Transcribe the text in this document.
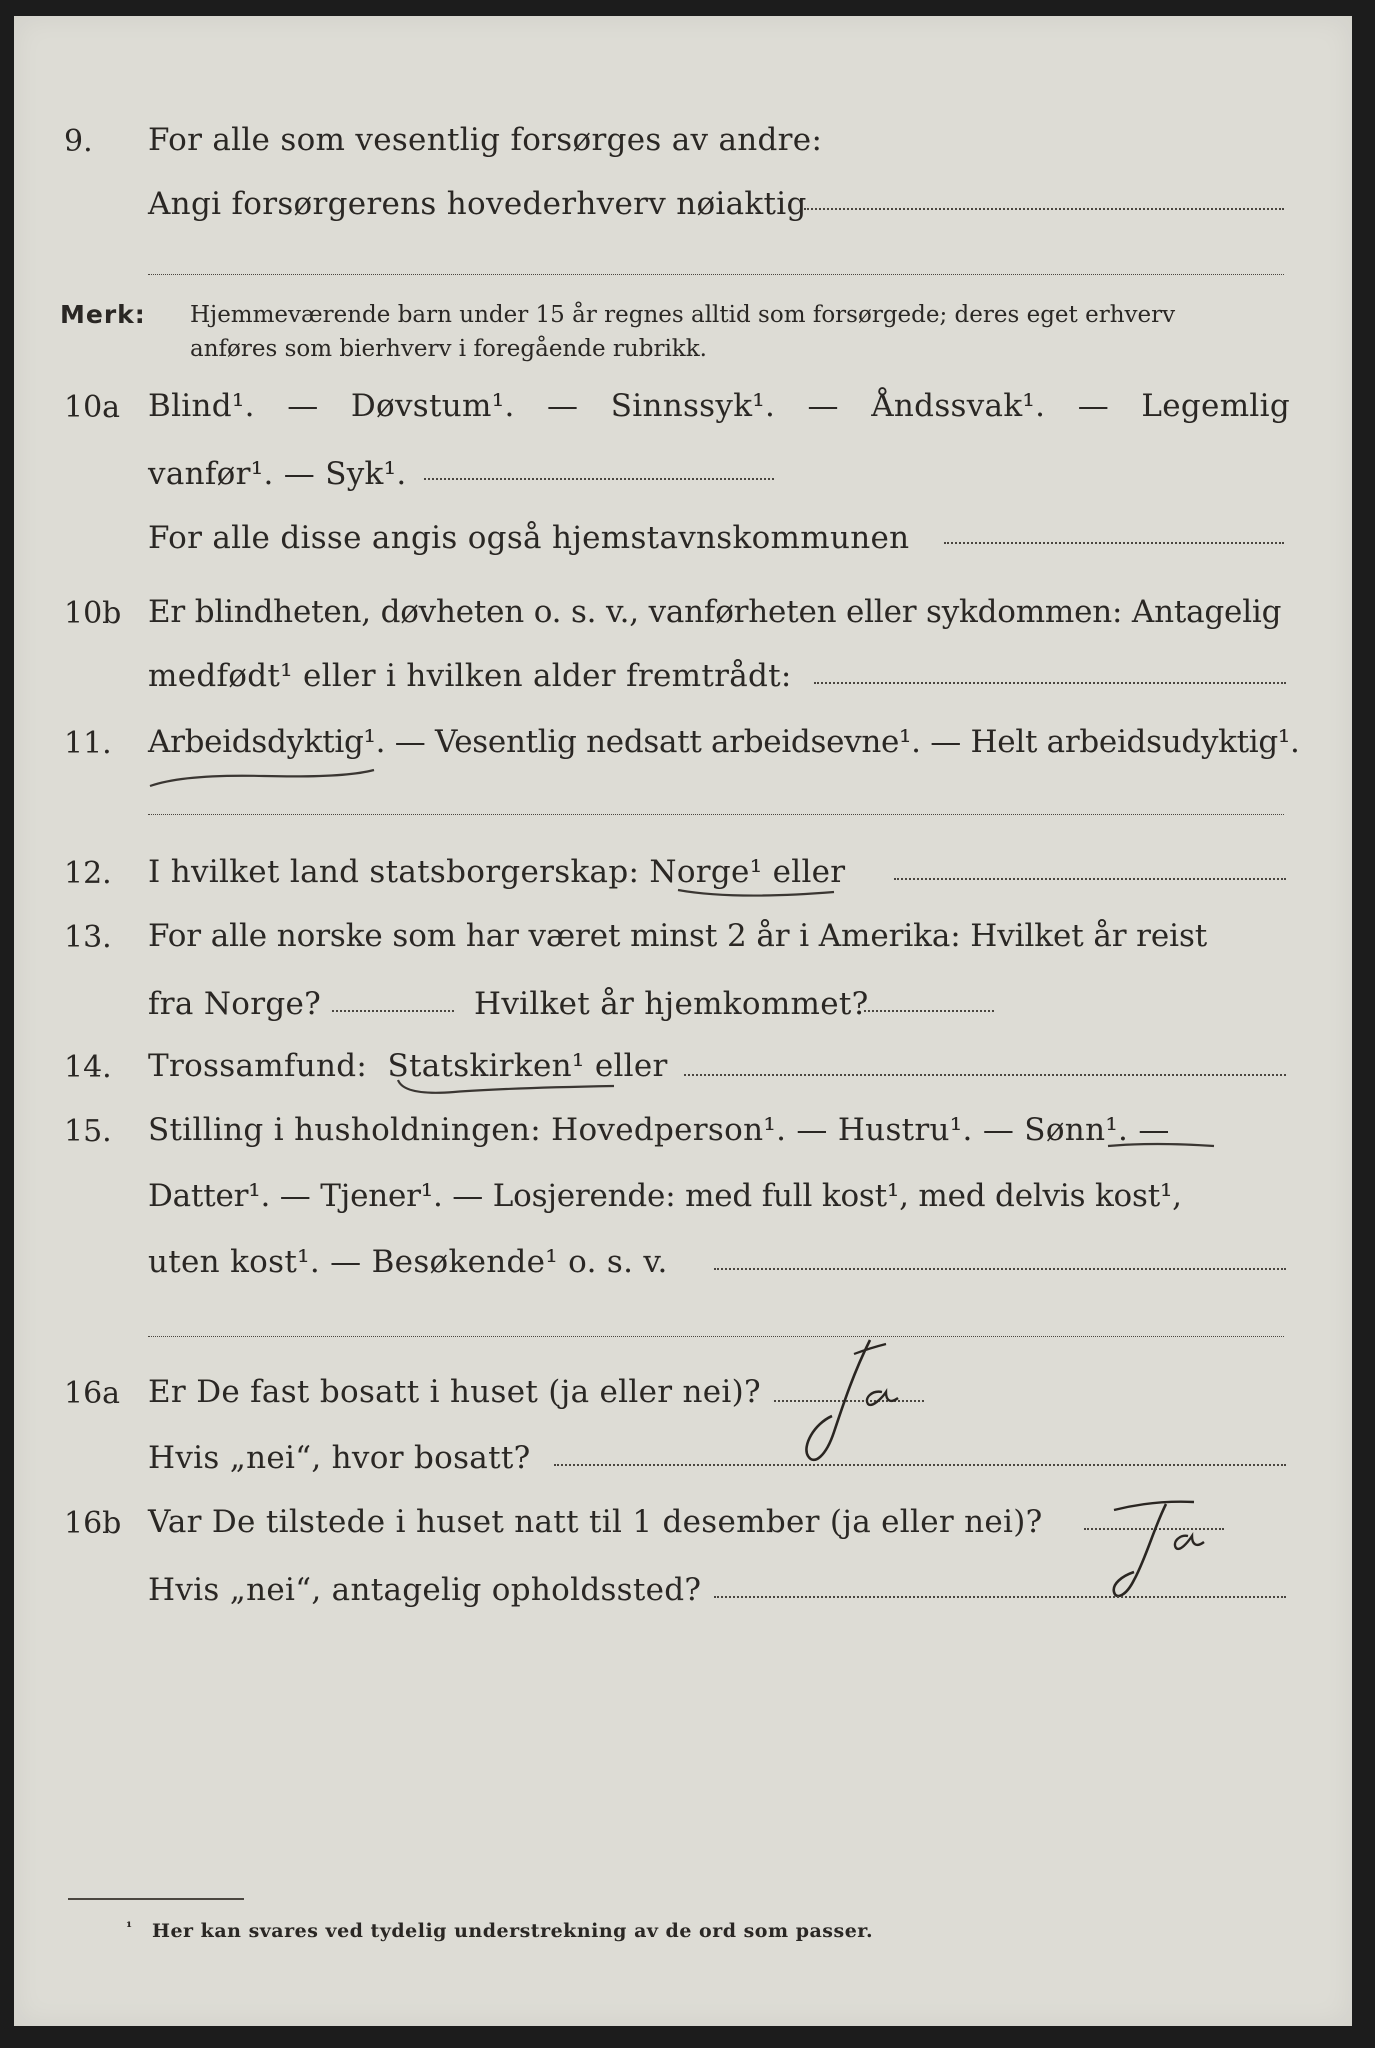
9.	For alle som vesentlig forsørges av andre:
Angi forsørgerens hovederhverv nøiaktig
Merk: Hjemmeværende barn under 15 år regnes alltid som forsørgede; deres eget erhverv
anføres som bierhverv i foregående rubrikk.
10a Blind¹. — Døvstum¹. — Sinnssyk¹. — Åndssvak¹. — Legemlig
vanfør¹. — Syk¹.
For alle disse angis også hjemstavnskommunen
10b Er blindheten, døvheten o. s. v., vanførheten eller sykdommen: Antagelig
medfødt¹ eller i hvilken alder fremtrådt:
11.	Arbeidsdyktig¹. — Vesentlig nedsatt arbeidsevne¹. — Helt arbeidsudyktig¹.
12.	I hvilket land statsborgerskap: Norge¹ eller
13.	For alle norske som har været minst 2 år i Amerika: Hvilket år reist
fra Norge?	Hvilket år hjemkommet?
14.	Trossamfund: Statskirken¹ eller
15.	Stilling i husholdningen: Hovedperson¹. — Hustru¹. — Sønn¹. —
Datter¹. — Tjener¹. — Losjerende: med full kost¹, med delvis kost¹,
uten kost¹. — Besøkende¹ o. s. v.
16a Er De fast bosatt i huset (ja eller nei)?
Hvis „nei“, hvor bosatt?
16b Var De tilstede i huset natt til 1 desember (ja eller nei)?
Hvis „nei“, antagelig opholdssted?
¹ Her kan svares ved tydelig understrekning av de ord som passer.
